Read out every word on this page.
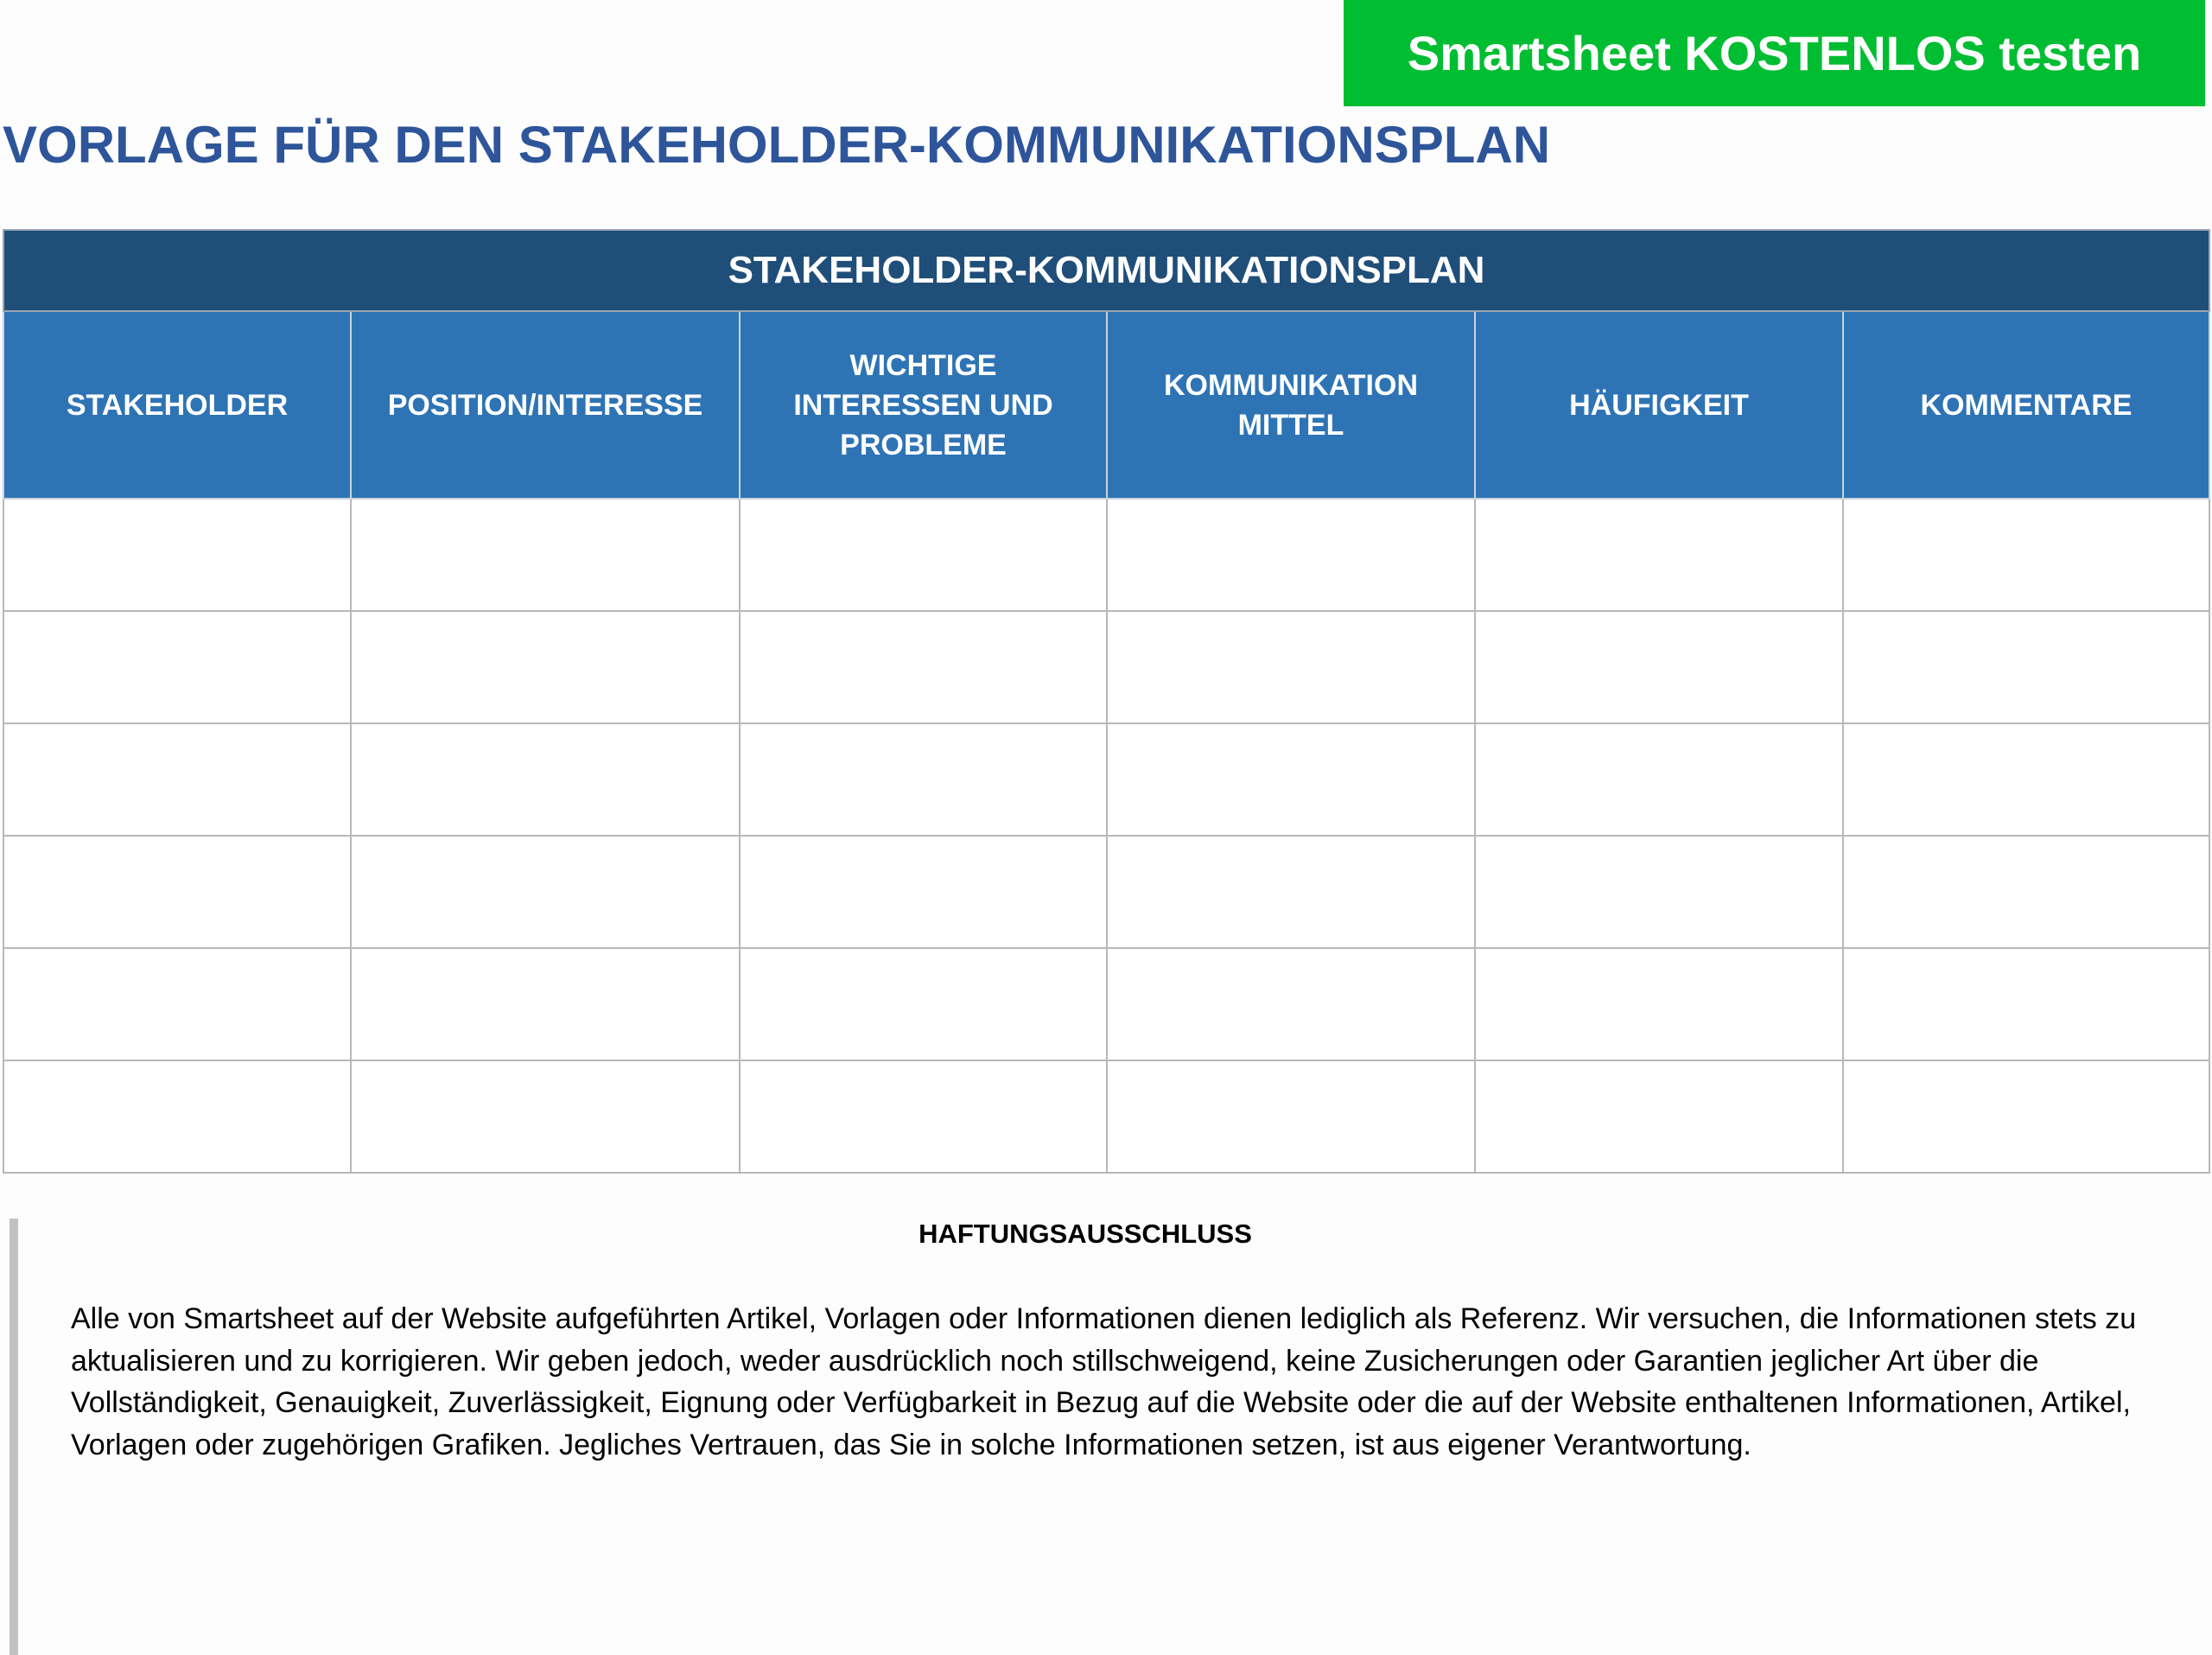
Smartsheet KOSTENLOS testen
VORLAGE FÜR DEN STAKEHOLDER-KOMMUNIKATIONSPLAN
STAKEHOLDER-KOMMUNIKATIONSPLAN					
STAKEHOLDER	POSITION/INTERESSE	WICHTIGE INTERESSEN UND PROBLEME	KOMMUNIKATION MITTEL	HÄUFIGKEIT	KOMMENTARE

HAFTUNGSAUSSCHLUSS

Alle von Smartsheet auf der Website aufgeführten Artikel, Vorlagen oder Informationen dienen lediglich als Referenz. Wir versuchen, die Informationen stets zu aktualisieren und zu korrigieren. Wir geben jedoch, weder ausdrücklich noch stillschweigend, keine Zusicherungen oder Garantien jeglicher Art über die Vollständigkeit, Genauigkeit, Zuverlässigkeit, Eignung oder Verfügbarkeit in Bezug auf die Website oder die auf der Website enthaltenen Informationen, Artikel, Vorlagen oder zugehörigen Grafiken. Jegliches Vertrauen, das Sie in solche Informationen setzen, ist aus eigener Verantwortung.
